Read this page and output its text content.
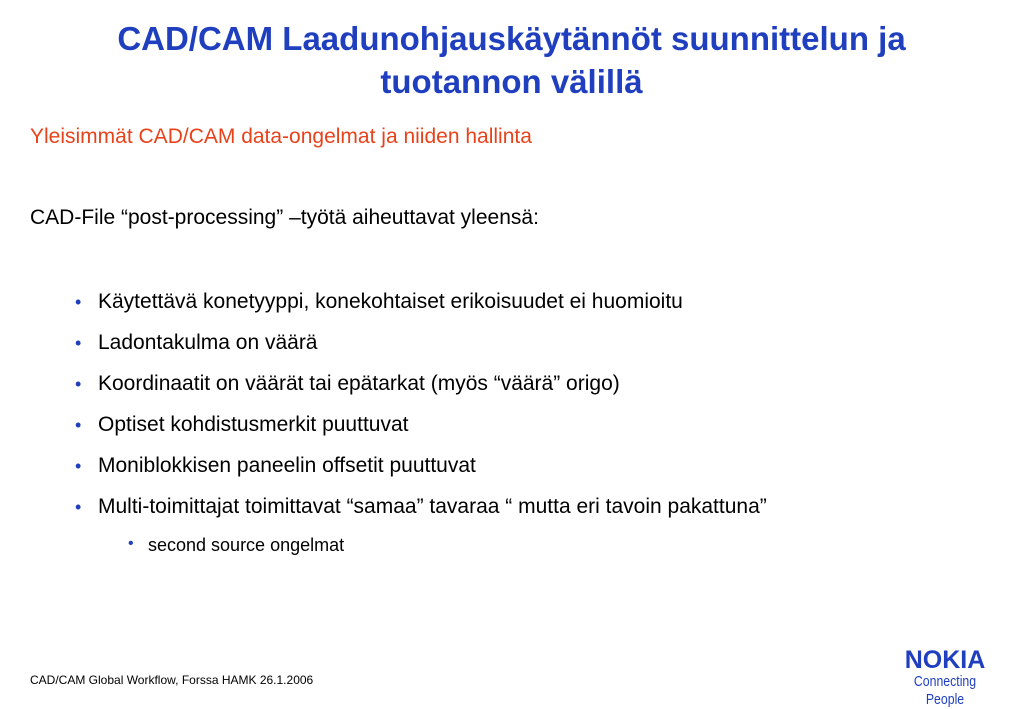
CAD/CAM Laadunohjauskäytännöt suunnittelun ja tuotannon välillä
Yleisimmät CAD/CAM data-ongelmat ja niiden hallinta
CAD-File “post-processing” –työtä aiheuttavat yleensä:
• Käytettävä konetyyppi, konekohtaiset erikoisuudet ei huomioitu
• Ladontakulma on väärä
• Koordinaatit on väärät tai epätarkat (myös “väärä” origo)
• Optiset kohdistusmerkit puuttuvat
• Moniblokkisen paneelin offsetit puuttuvat
• Multi-toimittajat toimittavat “samaa” tavaraa “ mutta eri tavoin pakattuna”
• second source ongelmat
CAD/CAM Global Workflow, Forssa HAMK 26.1.2006
NOKIA
Connecting People
